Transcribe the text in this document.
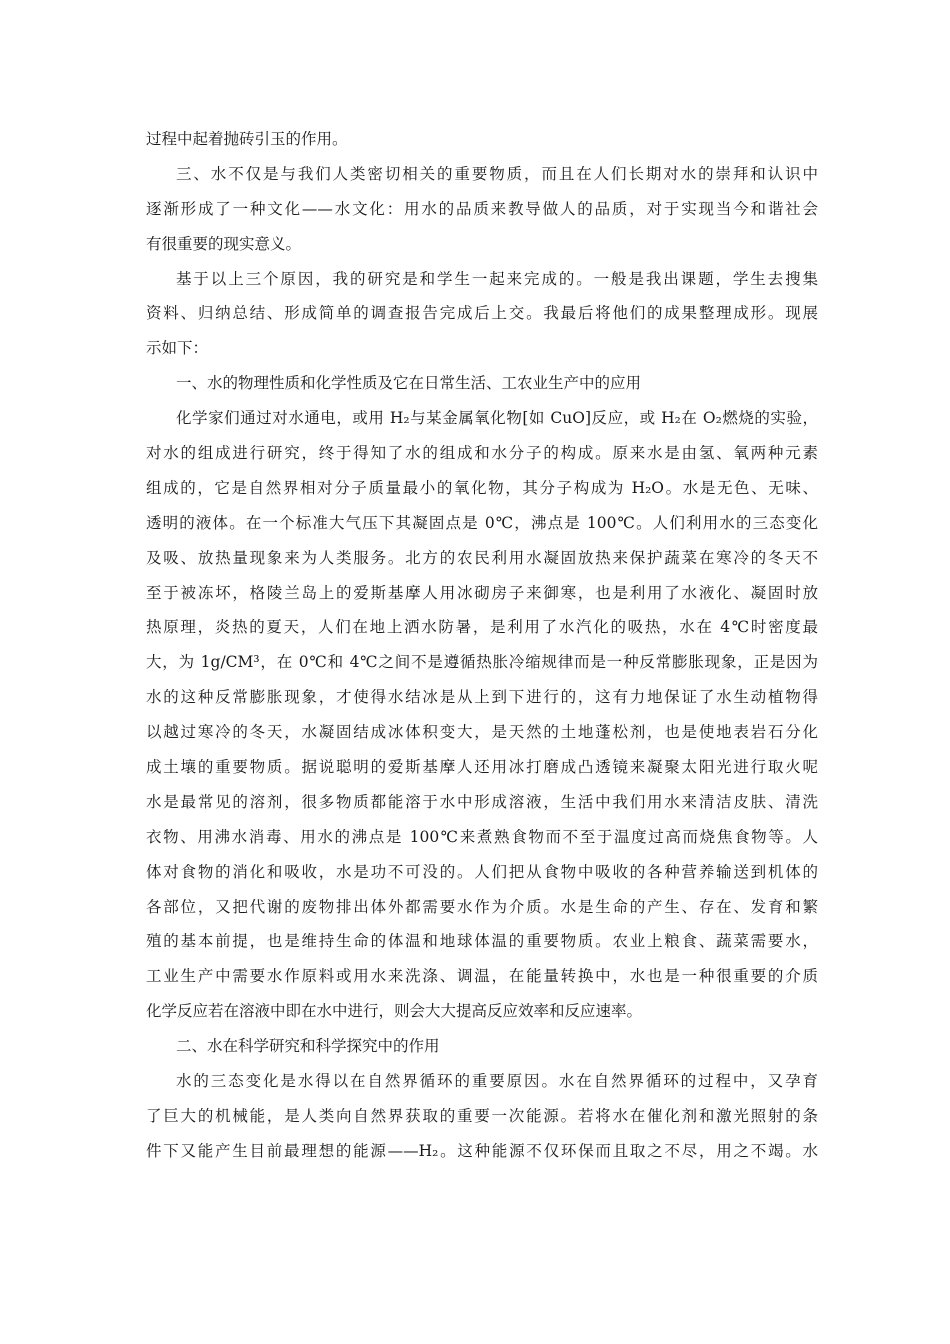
过程中起着抛砖引玉的作用。
三、水不仅是与我们人类密切相关的重要物质，而且在人们长期对水的崇拜和认识中
逐渐形成了一种文化——水文化：用水的品质来教导做人的品质，对于实现当今和谐社会
有很重要的现实意义。
基于以上三个原因，我的研究是和学生一起来完成的。一般是我出课题，学生去搜集
资料、归纳总结、形成简单的调查报告完成后上交。我最后将他们的成果整理成形。现展
示如下：
一、水的物理性质和化学性质及它在日常生活、工农业生产中的应用
化学家们通过对水通电，或用 H₂与某金属氧化物[如 CuO]反应，或 H₂在 O₂燃烧的实验，
对水的组成进行研究，终于得知了水的组成和水分子的构成。原来水是由氢、氧两种元素
组成的，它是自然界相对分子质量最小的氧化物，其分子构成为 H₂O。水是无色、无味、
透明的液体。在一个标准大气压下其凝固点是 0℃，沸点是 100℃。人们利用水的三态变化
及吸、放热量现象来为人类服务。北方的农民利用水凝固放热来保护蔬菜在寒冷的冬天不
至于被冻坏，格陵兰岛上的爱斯基摩人用冰砌房子来御寒，也是利用了水液化、凝固时放
热原理，炎热的夏天，人们在地上洒水防暑，是利用了水汽化的吸热，水在 4℃时密度最
大，为 1g/CM³，在 0℃和 4℃之间不是遵循热胀冷缩规律而是一种反常膨胀现象，正是因为
水的这种反常膨胀现象，才使得水结冰是从上到下进行的，这有力地保证了水生动植物得
以越过寒冷的冬天，水凝固结成冰体积变大，是天然的土地蓬松剂，也是使地表岩石分化
成土壤的重要物质。据说聪明的爱斯基摩人还用冰打磨成凸透镜来凝聚太阳光进行取火呢
水是最常见的溶剂，很多物质都能溶于水中形成溶液，生活中我们用水来清洁皮肤、清洗
衣物、用沸水消毒、用水的沸点是 100℃来煮熟食物而不至于温度过高而烧焦食物等。人
体对食物的消化和吸收，水是功不可没的。人们把从食物中吸收的各种营养输送到机体的
各部位，又把代谢的废物排出体外都需要水作为介质。水是生命的产生、存在、发育和繁
殖的基本前提，也是维持生命的体温和地球体温的重要物质。农业上粮食、蔬菜需要水，
工业生产中需要水作原料或用水来洗涤、调温，在能量转换中，水也是一种很重要的介质
化学反应若在溶液中即在水中进行，则会大大提高反应效率和反应速率。
二、水在科学研究和科学探究中的作用
水的三态变化是水得以在自然界循环的重要原因。水在自然界循环的过程中，又孕育
了巨大的机械能，是人类向自然界获取的重要一次能源。若将水在催化剂和激光照射的条
件下又能产生目前最理想的能源——H₂。这种能源不仅环保而且取之不尽，用之不竭。水
